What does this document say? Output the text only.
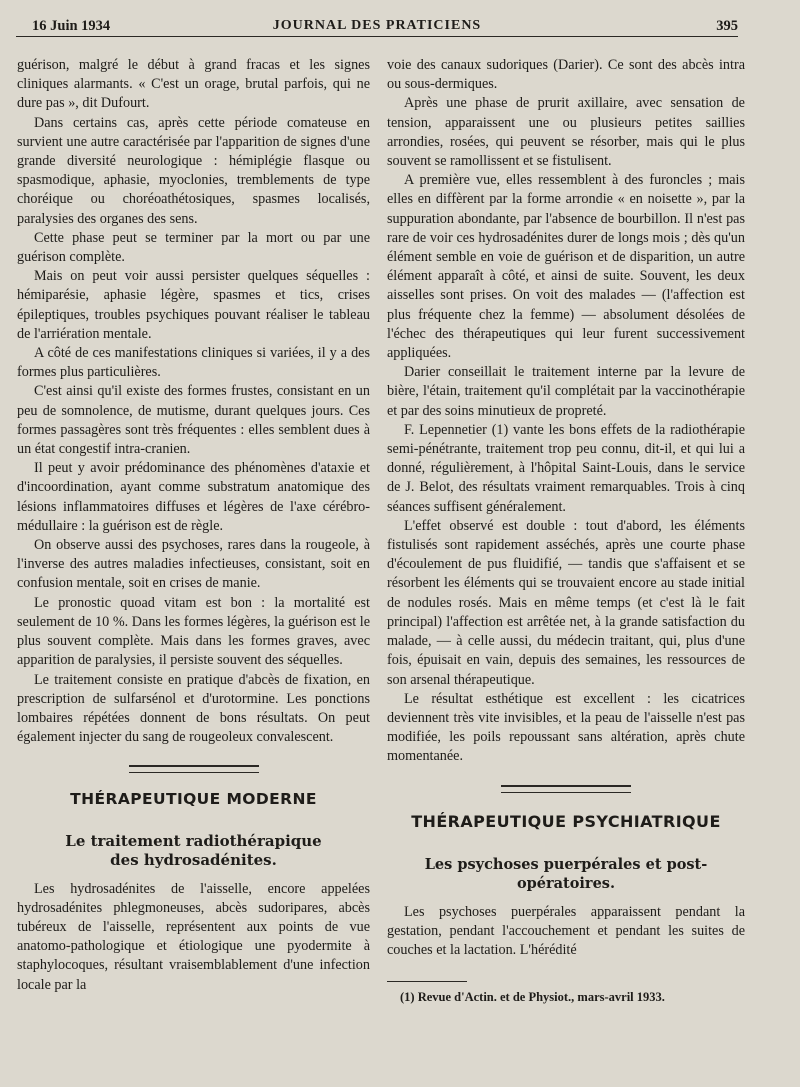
16 Juin 1934	JOURNAL DES PRATICIENS	395

guérison, malgré le début à grand fracas et les signes cliniques alarmants. « C'est un orage, brutal parfois, qui ne dure pas », dit Dufourt.

Dans certains cas, après cette période comateuse en survient une autre caractérisée par l'apparition de signes d'une grande diversité neurologique : hémiplégie flasque ou spasmodique, aphasie, myoclonies, tremblements de type choréique ou choréoathétosiques, spasmes localisés, paralysies des organes des sens.

Cette phase peut se terminer par la mort ou par une guérison complète.

Mais on peut voir aussi persister quelques séquelles : hémiparésie, aphasie légère, spasmes et tics, crises épileptiques, troubles psychiques pouvant réaliser le tableau de l'arriération mentale.

A côté de ces manifestations cliniques si variées, il y a des formes plus particulières.

C'est ainsi qu'il existe des formes frustes, consistant en un peu de somnolence, de mutisme, durant quelques jours. Ces formes passagères sont très fréquentes : elles semblent dues à un état congestif intra-cranien.

Il peut y avoir prédominance des phénomènes d'ataxie et d'incoordination, ayant comme substratum anatomique des lésions inflammatoires diffuses et légères de l'axe cérébro-médullaire : la guérison est de règle.

On observe aussi des psychoses, rares dans la rougeole, à l'inverse des autres maladies infectieuses, consistant, soit en confusion mentale, soit en crises de manie.

Le pronostic quoad vitam est bon : la mortalité est seulement de 10 %. Dans les formes légères, la guérison est le plus souvent complète. Mais dans les formes graves, avec apparition de paralysies, il persiste souvent des séquelles.

Le traitement consiste en pratique d'abcès de fixation, en prescription de sulfarsénol et d'urotormine. Les ponctions lombaires répétées donnent de bons résultats. On peut également injecter du sang de rougeoleux convalescent.

THÉRAPEUTIQUE MODERNE
Le traitement radiothérapique
des hydrosadénites.

Les hydrosadénites de l'aisselle, encore appelées hydrosadénites phlegmoneuses, abcès sudoripares, abcès tubéreux de l'aisselle, représentent aux points de vue anatomo-pathologique et étiologique une pyodermite à staphylocoques, résultant vraisemblablement d'une infection locale par la

voie des canaux sudoriques (Darier). Ce sont des abcès intra ou sous-dermiques.

Après une phase de prurit axillaire, avec sensation de tension, apparaissent une ou plusieurs petites saillies arrondies, rosées, qui peuvent se résorber, mais qui le plus souvent se ramollissent et se fistulisent.

A première vue, elles ressemblent à des furoncles ; mais elles en diffèrent par la forme arrondie « en noisette », par la suppuration abondante, par l'absence de bourbillon. Il n'est pas rare de voir ces hydrosadénites durer de longs mois ; dès qu'un élément semble en voie de guérison et de disparition, un autre élément apparaît à côté, et ainsi de suite. Souvent, les deux aisselles sont prises. On voit des malades — (l'affection est plus fréquente chez la femme) — absolument désolées de l'échec des thérapeutiques qui leur furent successivement appliquées.

Darier conseillait le traitement interne par la levure de bière, l'étain, traitement qu'il complétait par la vaccinothérapie et par des soins minutieux de propreté.

F. Lepennetier (1) vante les bons effets de la radiothérapie semi-pénétrante, traitement trop peu connu, dit-il, et qui lui a donné, régulièrement, à l'hôpital Saint-Louis, dans le service de J. Belot, des résultats vraiment remarquables. Trois à cinq séances suffisent généralement.

L'effet observé est double : tout d'abord, les éléments fistulisés sont rapidement asséchés, après une courte phase d'écoulement de pus fluidifié, — tandis que s'affaisent et se résorbent les éléments qui se trouvaient encore au stade initial de nodules rosés. Mais en même temps (et c'est là le fait principal) l'affection est arrêtée net, à la grande satisfaction du malade, — à celle aussi, du médecin traitant, qui, plus d'une fois, épuisait en vain, depuis des semaines, les ressources de son arsenal thérapeutique.

Le résultat esthétique est excellent : les cicatrices deviennent très vite invisibles, et la peau de l'aisselle n'est pas modifiée, les poils repoussant sans altération, après chute momentanée.

THÉRAPEUTIQUE PSYCHIATRIQUE
Les psychoses puerpérales et post-opératoires.

Les psychoses puerpérales apparaissent pendant la gestation, pendant l'accouchement et pendant les suites de couches et la lactation. L'hérédité

(1) Revue d'Actin. et de Physiot., mars-avril 1933.
